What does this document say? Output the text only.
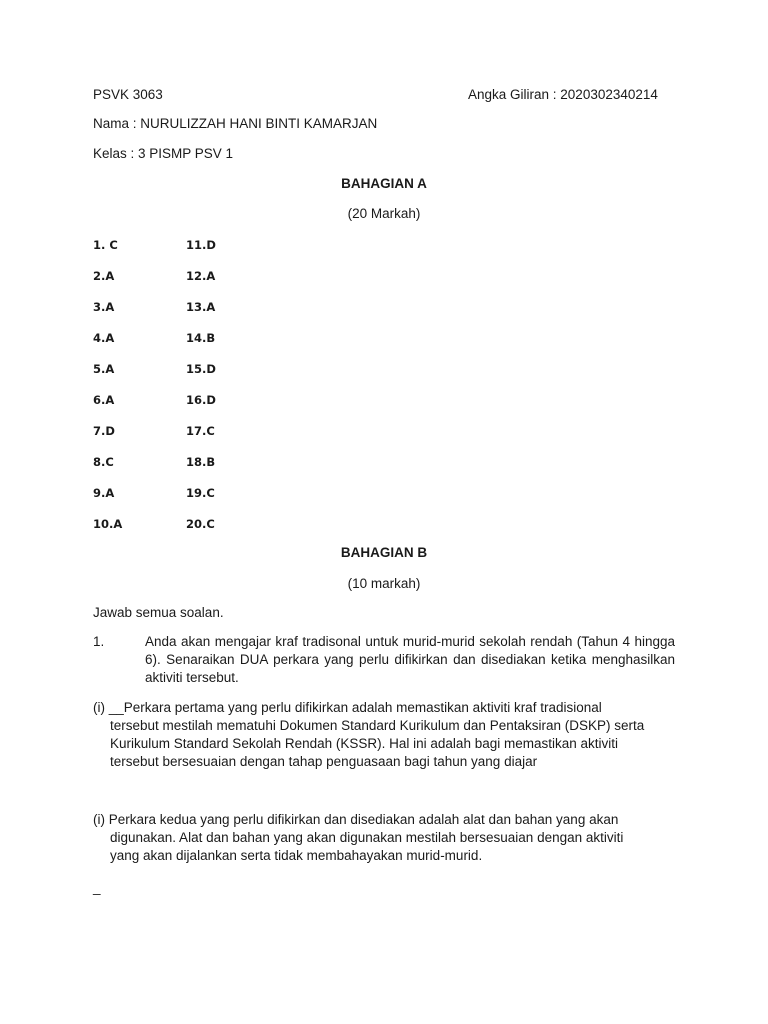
PSVK 3063	Angka Giliran : 2020302340214
Nama : NURULIZZAH HANI BINTI KAMARJAN
Kelas : 3 PISMP PSV 1
BAHAGIAN A
(20 Markah)
1. C	11.D
2.A	12.A
3.A	13.A
4.A	14.B
5.A	15.D
6.A	16.D
7.D	17.C
8.C	18.B
9.A	19.C
10.A	20.C
BAHAGIAN B
(10 markah)
Jawab semua soalan.
1.	Anda akan mengajar kraf tradisonal untuk murid-murid sekolah rendah (Tahun 4 hingga 6). Senaraikan DUA perkara yang perlu difikirkan dan disediakan ketika menghasilkan aktiviti tersebut.
(i) __Perkara pertama yang perlu difikirkan adalah memastikan aktiviti kraf tradisional
tersebut mestilah mematuhi Dokumen Standard Kurikulum dan Pentaksiran (DSKP) serta
Kurikulum Standard Sekolah Rendah (KSSR). Hal ini adalah bagi memastikan aktiviti
tersebut bersesuaian dengan tahap penguasaan bagi tahun yang diajar
(i) Perkara kedua yang perlu difikirkan dan disediakan adalah alat dan bahan yang akan
digunakan. Alat dan bahan yang akan digunakan mestilah bersesuaian dengan aktiviti
yang akan dijalankan serta tidak membahayakan murid-murid.
_
